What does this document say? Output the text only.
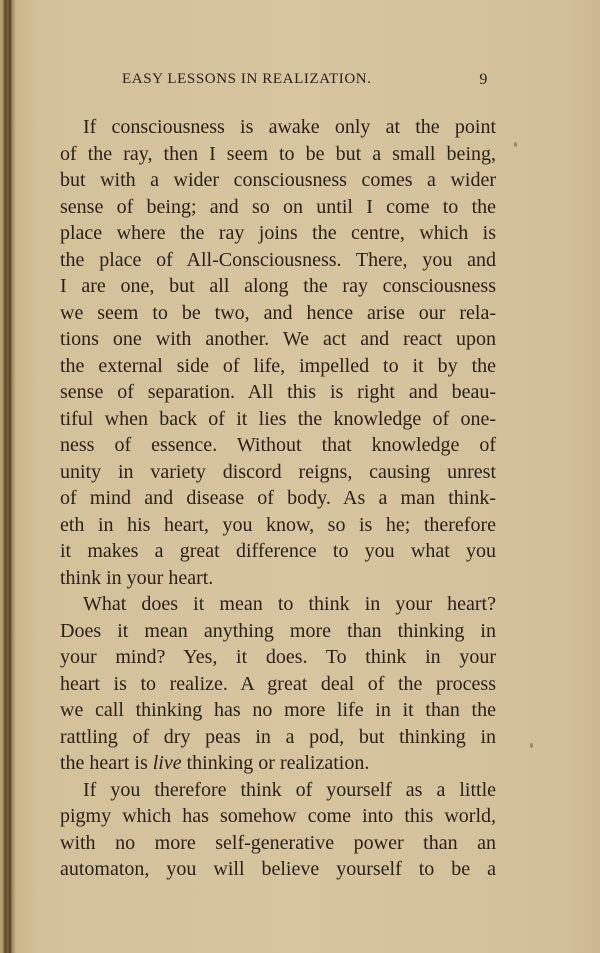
EASY LESSONS IN REALIZATION.	9
If consciousness is awake only at the point
of the ray, then I seem to be but a small being,
but with a wider consciousness comes a wider
sense of being; and so on until I come to the
place where the ray joins the centre, which is
the place of All-Consciousness. There, you and
I are one, but all along the ray consciousness
we seem to be two, and hence arise our rela-
tions one with another. We act and react upon
the external side of life, impelled to it by the
sense of separation. All this is right and beau-
tiful when back of it lies the knowledge of one-
ness of essence. Without that knowledge of
unity in variety discord reigns, causing unrest
of mind and disease of body. As a man think-
eth in his heart, you know, so is he; therefore
it makes a great difference to you what you
think in your heart.
What does it mean to think in your heart?
Does it mean anything more than thinking in
your mind? Yes, it does. To think in your
heart is to realize. A great deal of the process
we call thinking has no more life in it than the
rattling of dry peas in a pod, but thinking in
the heart is live thinking or realization.
If you therefore think of yourself as a little
pigmy which has somehow come into this world,
with no more self-generative power than an
automaton, you will believe yourself to be a
